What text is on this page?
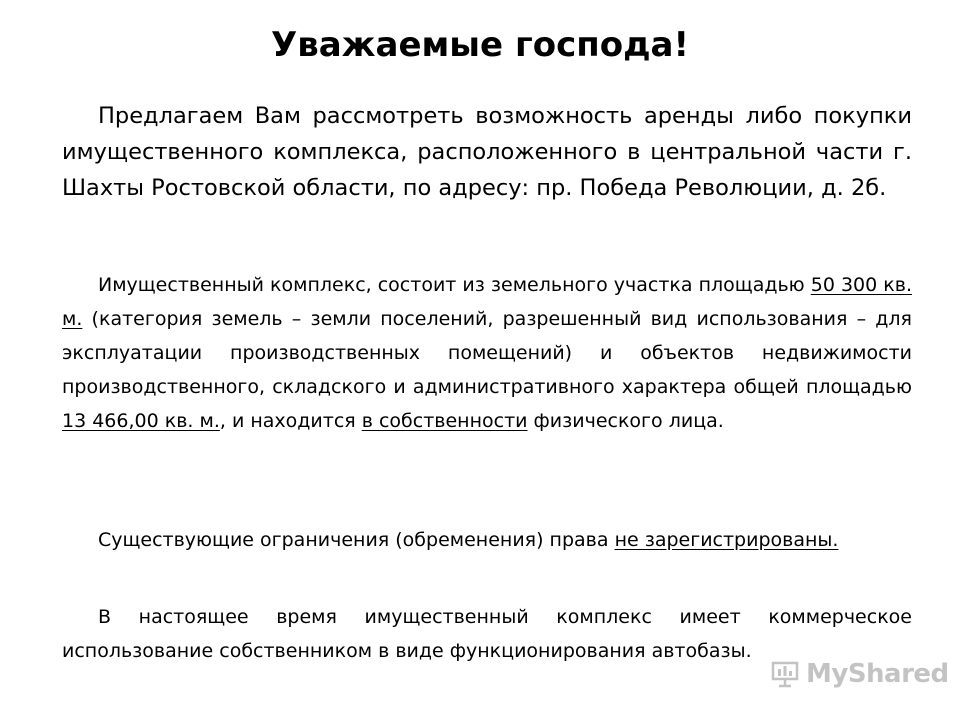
Уважаемые господа!

Предлагаем Вам рассмотреть возможность аренды либо покупки имущественного комплекса, расположенного в центральной части г. Шахты Ростовской области, по адресу: пр. Победа Революции, д. 2б.

Имущественный комплекс, состоит из земельного участка площадью 50 300 кв. м. (категория земель – земли поселений, разрешенный вид использования – для эксплуатации производственных помещений) и объектов недвижимости производственного, складского и административного характера общей площадью 13 466,00 кв. м., и находится в собственности физического лица.

Существующие ограничения (обременения) права не зарегистрированы.

В настоящее время имущественный комплекс имеет коммерческое использование собственником в виде функционирования автобазы.

MyShared
